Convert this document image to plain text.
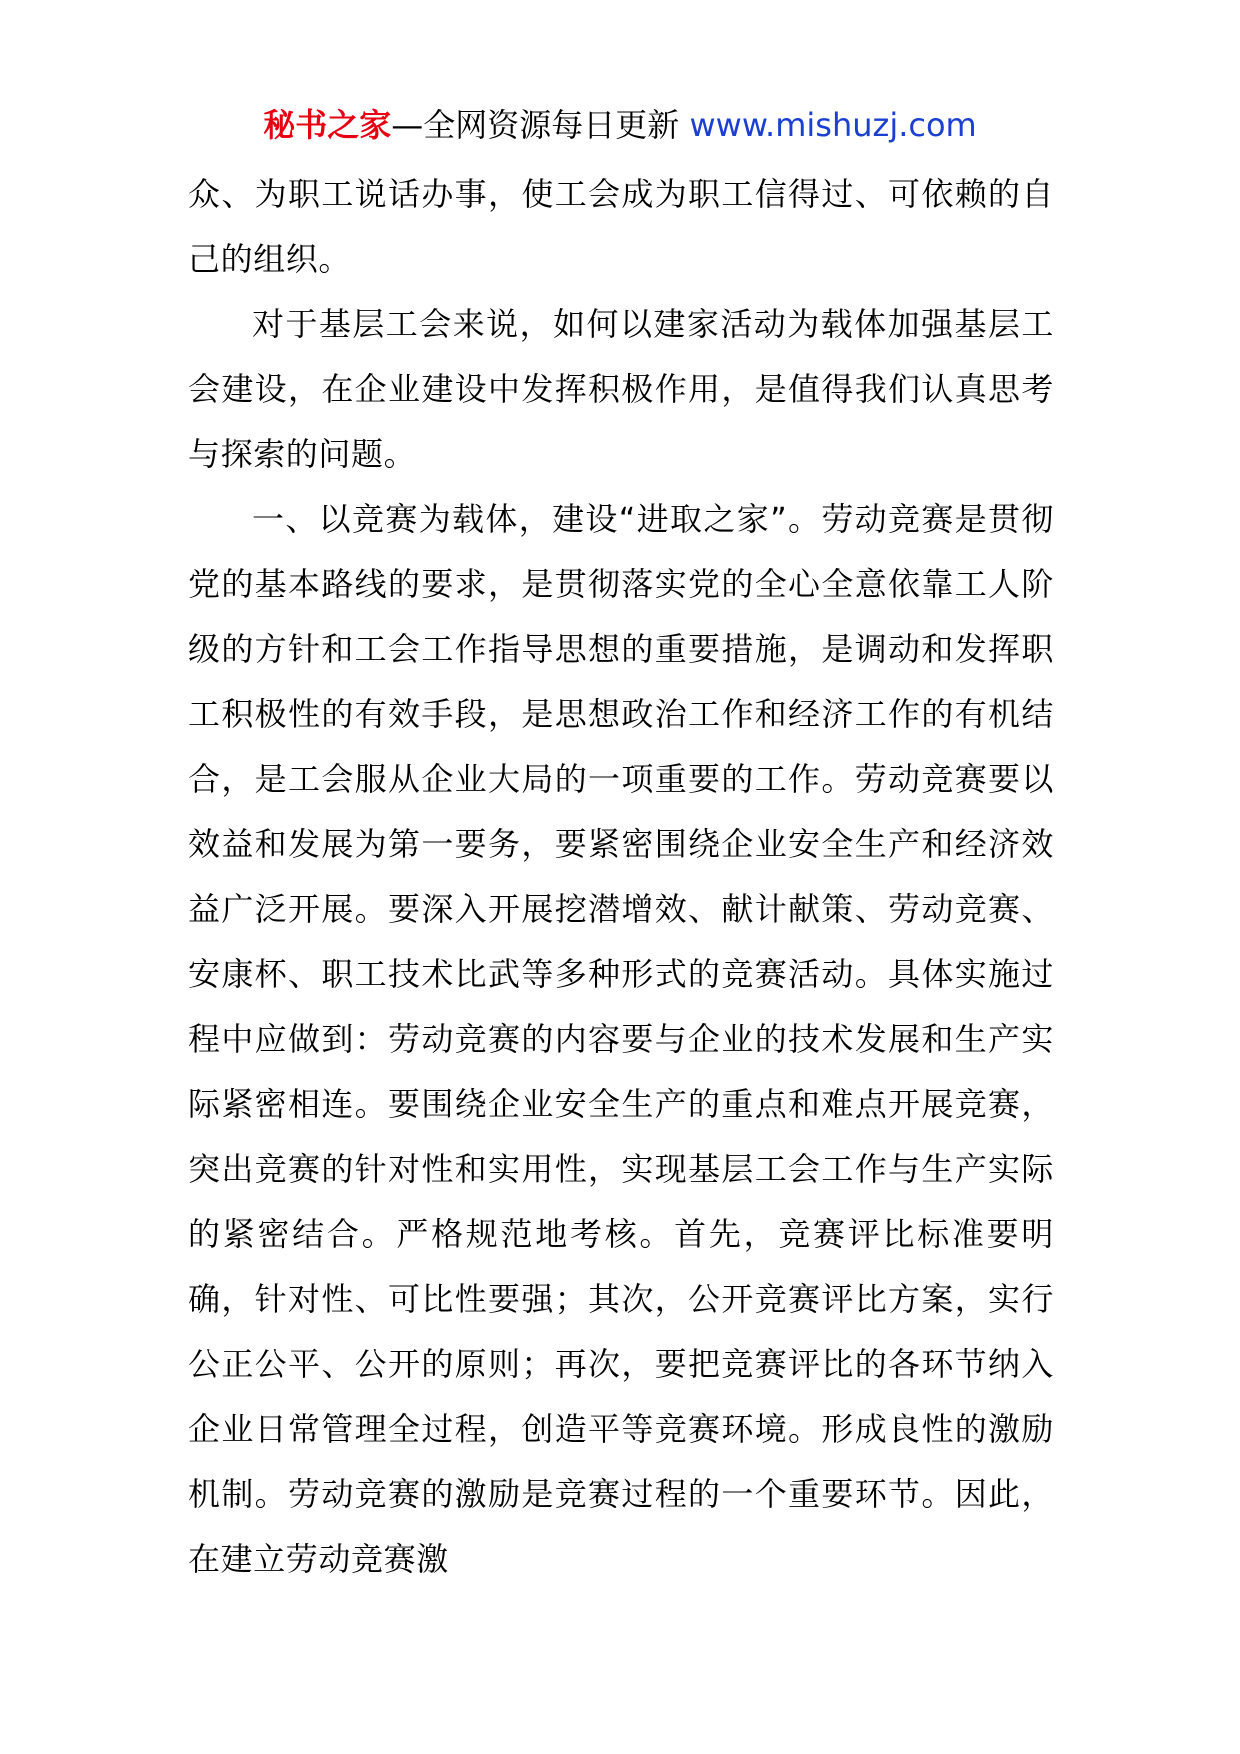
秘书之家—全网资源每日更新 www.mishuzj.com

众、为职工说话办事，使工会成为职工信得过、可依赖的自己的组织。

对于基层工会来说，如何以建家活动为载体加强基层工会建设，在企业建设中发挥积极作用，是值得我们认真思考与探索的问题。

一、以竞赛为载体，建设“进取之家”。劳动竞赛是贯彻党的基本路线的要求，是贯彻落实党的全心全意依靠工人阶级的方针和工会工作指导思想的重要措施，是调动和发挥职工积极性的有效手段，是思想政治工作和经济工作的有机结合，是工会服从企业大局的一项重要的工作。劳动竞赛要以效益和发展为第一要务，要紧密围绕企业安全生产和经济效益广泛开展。要深入开展挖潜增效、献计献策、劳动竞赛、安康杯、职工技术比武等多种形式的竞赛活动。具体实施过程中应做到：劳动竞赛的内容要与企业的技术发展和生产实际紧密相连。要围绕企业安全生产的重点和难点开展竞赛，突出竞赛的针对性和实用性，实现基层工会工作与生产实际的紧密结合。严格规范地考核。首先，竞赛评比标准要明确，针对性、可比性要强；其次，公开竞赛评比方案，实行公正公平、公开的原则；再次，要把竞赛评比的各环节纳入企业日常管理全过程，创造平等竞赛环境。形成良性的激励机制。劳动竞赛的激励是竞赛过程的一个重要环节。因此，在建立劳动竞赛激
